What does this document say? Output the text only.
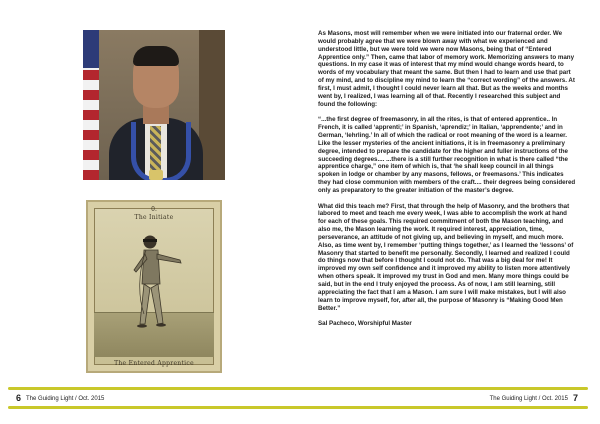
0.
The Initiate
The Entered Apprentice

As Masons, most will remember when we were initiated into our fraternal order. We would probably agree that we were blown away with what we experienced and understood little, but we were told we were now Masons, being that of “Entered Apprentice only.” Then, came that labor of memory work. Memorizing answers to many questions. In my case it was of interest that my mind would change words heard, to words of my vocabulary that meant the same. But then I had to learn and use that part of my mind, and to discipline my mind to learn the “correct wording” of the answers. At first, I must admit, I thought I could never learn all that. But as the weeks and months went by, I realized, I was learning all of that. Recently I researched this subject and found the following:

“...the first degree of freemasonry, in all the rites, is that of entered apprentice.. In French, it is called ‘apprenti;’ in Spanish, ‘aprendiz;’ in Italian, ‘apprendente;’ and in German, ‘lehrling.’ In all of which the radical or root meaning of the word is a learner. Like the lesser mysteries of the ancient initiations, it is in freemasonry a preliminary degree, intended to prepare the candidate for the higher and fuller instructions of the succeeding degrees.... ...there is a still further recognition in what is there called “the apprentice charge,” one item of which is, that ‘he shall keep council in all things spoken in lodge or chamber by any masons, fellows, or freemasons.’ This indicates they had close communion with members of the craft.... their degrees being considered only as preparatory to the greater initiation of the master’s degree.

What did this teach me? First, that through the help of Masonry, and the brothers that labored to meet and teach me every week, I was able to accomplish the work at hand for each of these goals. This required commitment of both the Mason teaching, and also me, the Mason learning the work. It required interest, appreciation, time, perseverance, an attitude of not giving up, and believing in myself, and much more. Also, as time went by, I remember ‘putting things together,’ as I learned the ‘lessons’ of Masonry that started to benefit me personally. Secondly, I learned and realized I could do things now that before I thought I could not do. That was a big deal for me! It improved my own self confidence and it improved my ability to listen more attentively when others speak. It improved my trust in God and men. Many more things could be said, but in the end I truly enjoyed the process. As of now, I am still learning, still appreciating the fact that I am a Mason. I am sure I will make mistakes, but I will also learn to improve myself, for, after all, the purpose of Masonry is “Making Good Men Better.”

Sal Pacheco, Worshipful Master

6 The Guiding Light / Oct. 2015	The Guiding Light / Oct. 2015 7
